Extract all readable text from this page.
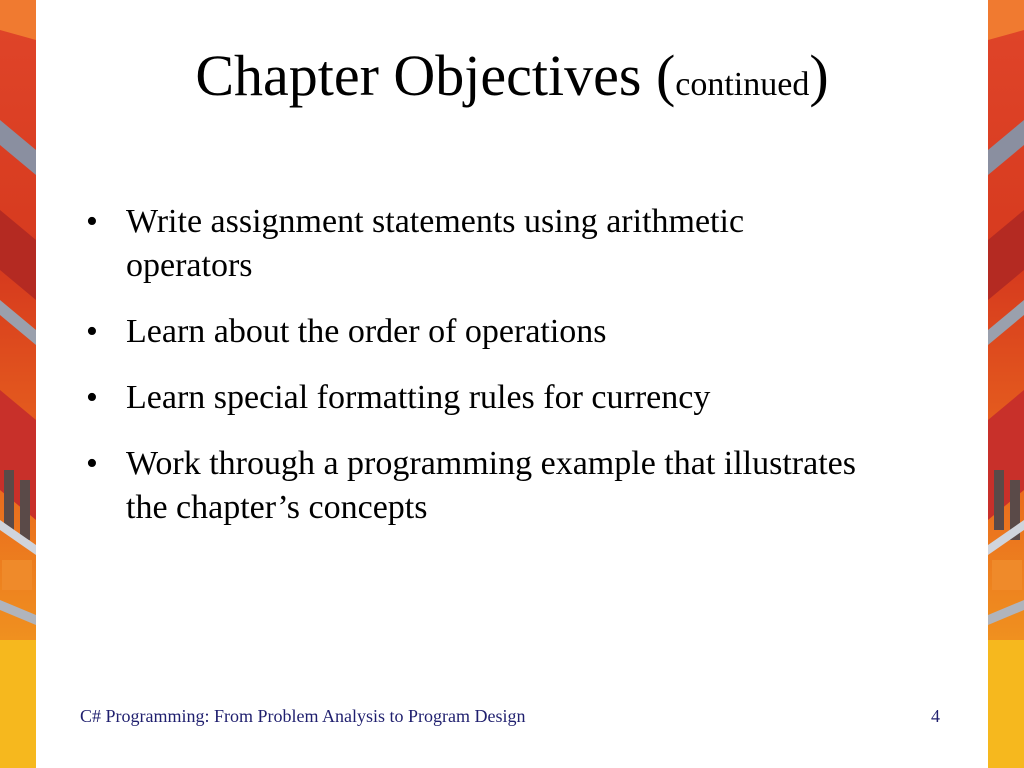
Chapter Objectives (continued)
• Write assignment statements using arithmetic operators
• Learn about the order of operations
• Learn special formatting rules for currency
• Work through a programming example that illustrates the chapter’s concepts
C# Programming: From Problem Analysis to Program Design	4
